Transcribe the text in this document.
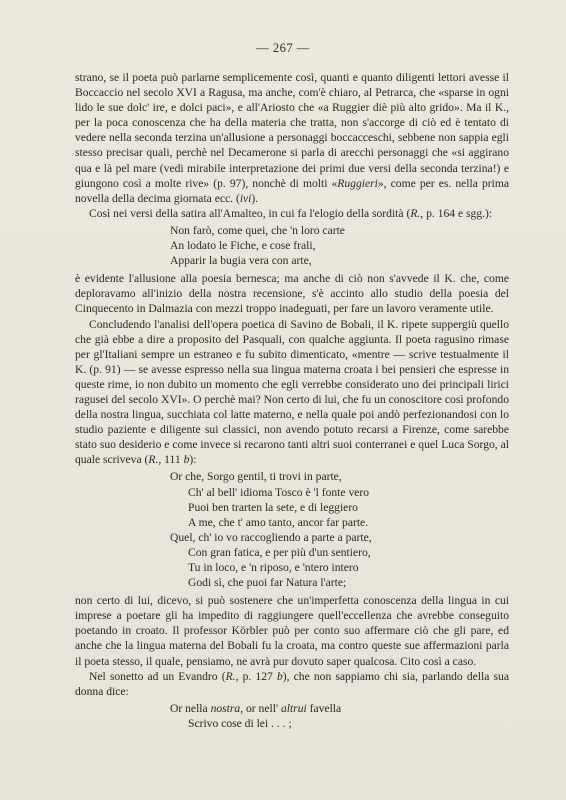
— 267 —

strano, se il poeta può parlarne semplicemente così, quanti e quanto diligenti lettori avesse il Boccaccio nel secolo XVI a Ragusa, ma anche, com'è chiaro, al Petrarca, che «sparse in ogni lido le sue dolc' ire, e dolci paci», e all'Ariosto che «a Ruggier diè più alto grido». Ma il K., per la poca conoscenza che ha della materia che tratta, non s'accorge di ciò ed è tentato di vedere nella seconda terzina un'allusione a personaggi boccacceschi, sebbene non sappia egli stesso precisar quali, perchè nel Decamerone si parla di arecchi personaggi che «si aggirano qua e là pel mare (vedi mirabile interpretazione dei primi due versi della seconda terzina!) e giungono così a molte rive» (p. 97), nonchè di molti «Ruggieri», come per es. nella prima novella della decima giornata ecc. (ivi).

Così nei versi della satira all'Amalteo, in cui fa l'elogio della sordità (R., p. 164 e sgg.):

Non farò, come quei, che 'n loro carte
An lodato le Fiche, e cose frali,
Apparir la bugia vera con arte,

è evidente l'allusione alla poesia bernesca; ma anche di ciò non s'avvede il K. che, come deploravamo all'inizio della nostra recensione, s'è accinto allo studio della poesia del Cinquecento in Dalmazia con mezzi troppo inadeguati, per fare un lavoro veramente utile.

Concludendo l'analisi dell'opera poetica di Savino de Bobali, il K. ripete suppergiù quello che già ebbe a dire a proposito del Pasquali, con qualche aggiunta. Il poeta ragusino rimase per gl'Italiani sempre un estraneo e fu subito dimenticato, «mentre — scrive testualmente il K. (p. 91) — se avesse espresso nella sua lingua materna croata i bei pensieri che espresse in queste rime, io non dubito un momento che egli verrebbe considerato uno dei principali lirici ragusei del secolo XVI». O perchè mai? Non certo di lui, che fu un conoscitore così profondo della nostra lingua, succhiata col latte materno, e nella quale poi andò perfezionandosi con lo studio paziente e diligente sui classici, non avendo potuto recarsi a Firenze, come sarebbe stato suo desiderio e come invece si recarono tanti altri suoi conterranei e quel Luca Sorgo, al quale scriveva (R., 111 b):

Or che, Sorgo gentil, ti trovi in parte,
Ch' al bell' idioma Tosco è 'l fonte vero
Puoi ben trarten la sete, e di leggiero
A me, che t' amo tanto, ancor far parte.
Quel, ch' io vo raccogliendo a parte a parte,
Con gran fatica, e per più d'un sentiero,
Tu in loco, e 'n riposo, e 'ntero intero
Godi sì, che puoi far Natura l'arte;

non certo di lui, dicevo, si può sostenere che un'imperfetta conoscenza della lingua in cui imprese a poetare gli ha impedito di raggiungere quell'eccellenza che avrebbe conseguito poetando in croato. Il professor Körbler può per conto suo affermare ciò che gli pare, ed anche che la lingua materna del Bobali fu la croata, ma contro queste sue affermazioni parla il poeta stesso, il quale, pensiamo, ne avrà pur dovuto saper qualcosa. Cito così a caso.

Nel sonetto ad un Evandro (R., p. 127 b), che non sappiamo chi sia, parlando della sua donna dice:

Or nella nostra, or nell' altrui favella
Scrivo cose di lei . . . ;
